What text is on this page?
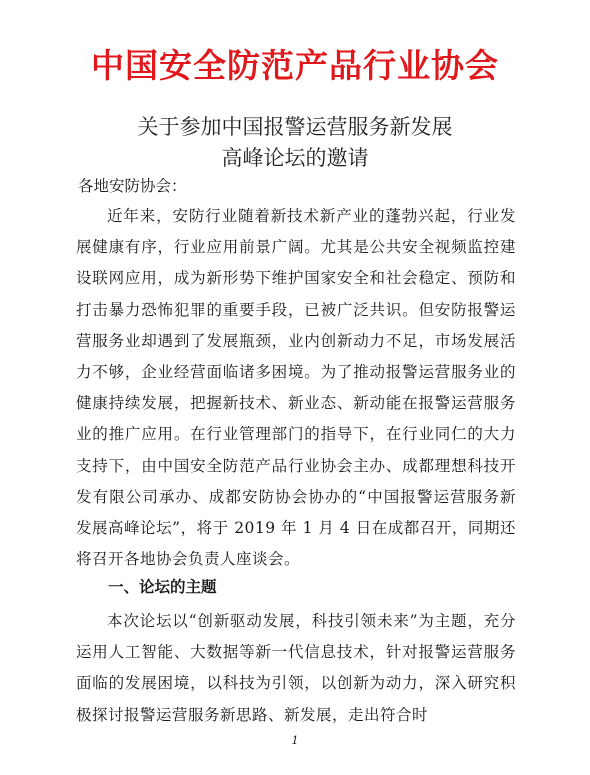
中国安全防范产品行业协会
关于参加中国报警运营服务新发展
高峰论坛的邀请
各地安防协会：
近年来，安防行业随着新技术新产业的蓬勃兴起，行业发展健康有序，行业应用前景广阔。尤其是公共安全视频监控建设联网应用，成为新形势下维护国家安全和社会稳定、预防和打击暴力恐怖犯罪的重要手段，已被广泛共识。但安防报警运营服务业却遇到了发展瓶颈，业内创新动力不足，市场发展活力不够，企业经营面临诸多困境。为了推动报警运营服务业的健康持续发展，把握新技术、新业态、新动能在报警运营服务业的推广应用。在行业管理部门的指导下，在行业同仁的大力支持下，由中国安全防范产品行业协会主办、成都理想科技开发有限公司承办、成都安防协会协办的“中国报警运营服务新发展高峰论坛”，将于 2019 年 1 月 4 日在成都召开，同期还将召开各地协会负责人座谈会。
一、论坛的主题
本次论坛以“创新驱动发展，科技引领未来”为主题，充分运用人工智能、大数据等新一代信息技术，针对报警运营服务面临的发展困境，以科技为引领，以创新为动力，深入研究积极探讨报警运营服务新思路、新发展，走出符合时
1
